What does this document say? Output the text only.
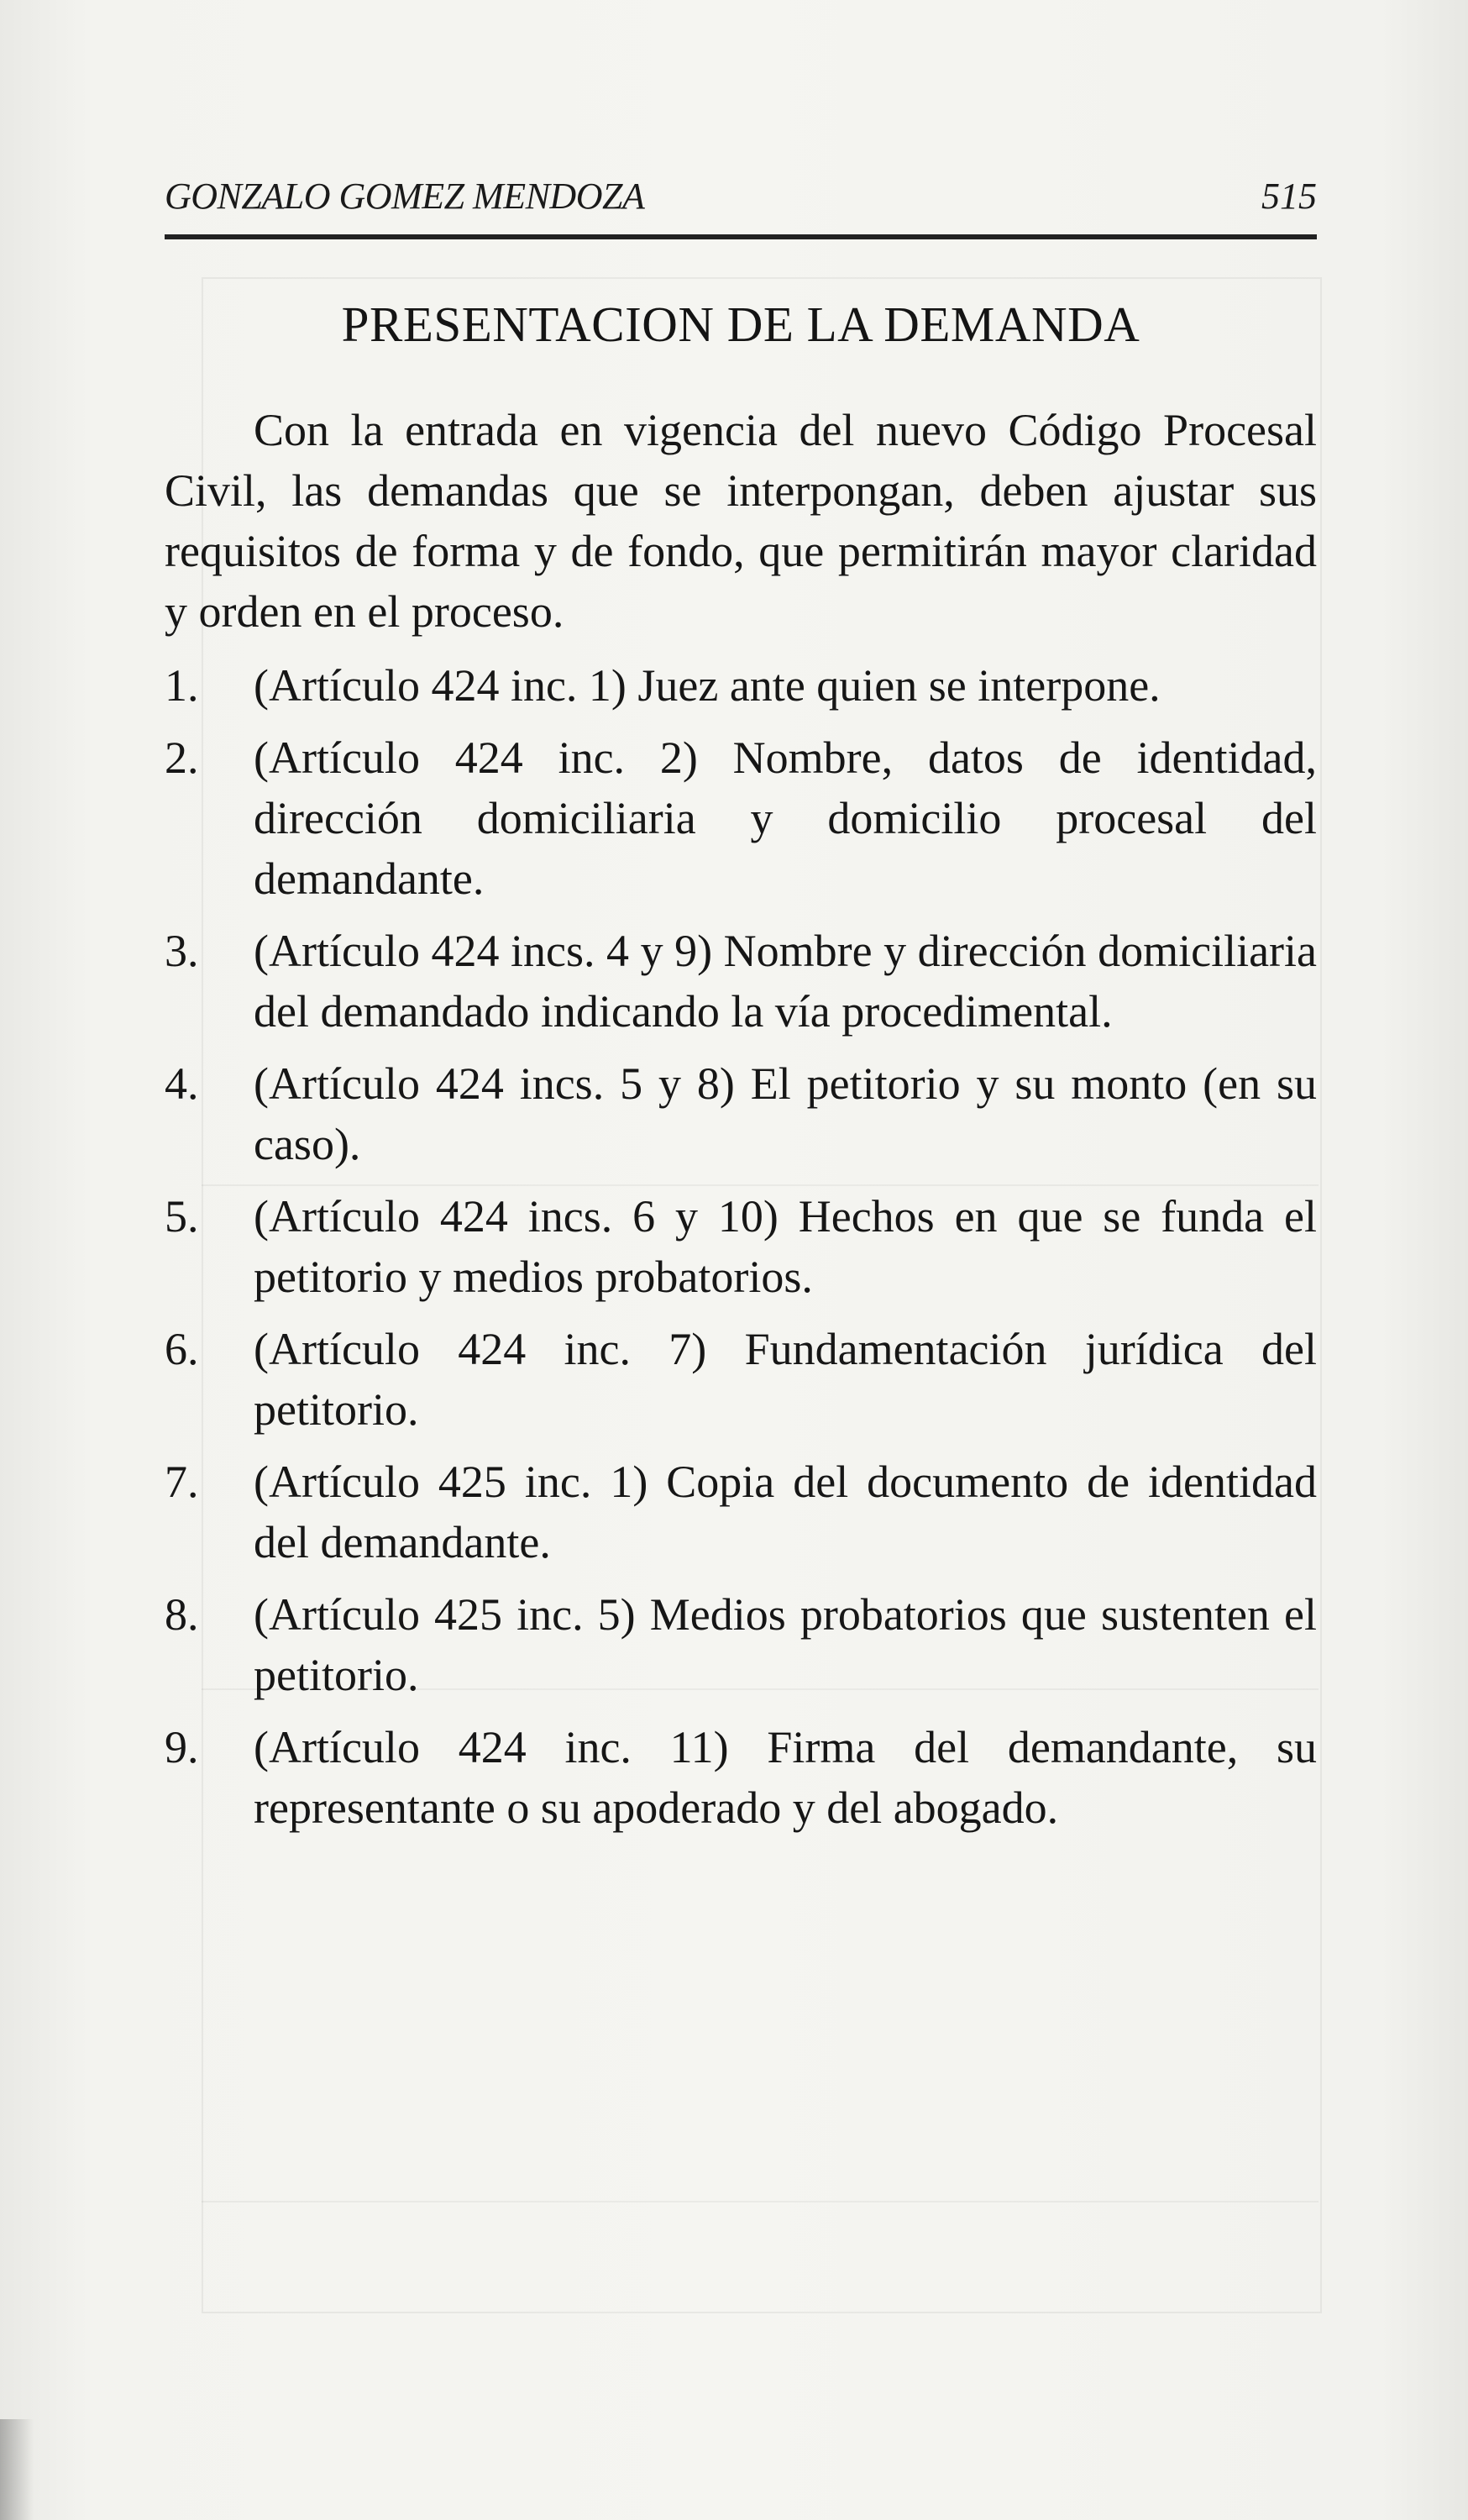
GONZALO GOMEZ MENDOZA	515
PRESENTACION DE LA DEMANDA

Con la entrada en vigencia del nuevo Código Procesal Civil, las demandas que se interpongan, deben ajustar sus requisitos de forma y de fondo, que permitirán mayor claridad y orden en el proceso.

1. (Artículo 424 inc. 1) Juez ante quien se interpone.
2. (Artículo 424 inc. 2) Nombre, datos de identidad, dirección domiciliaria y domicilio procesal del demandante.
3. (Artículo 424 incs. 4 y 9) Nombre y dirección domiciliaria del demandado indicando la vía procedimental.
4. (Artículo 424 incs. 5 y 8) El petitorio y su monto (en su caso).
5. (Artículo 424 incs. 6 y 10) Hechos en que se funda el petitorio y medios probatorios.
6. (Artículo 424 inc. 7) Fundamentación jurídica del petitorio.
7. (Artículo 425 inc. 1) Copia del documento de identidad del demandante.
8. (Artículo 425 inc. 5) Medios probatorios que sustenten el petitorio.
9. (Artículo 424 inc. 11) Firma del demandante, su representante o su apoderado y del abogado.
